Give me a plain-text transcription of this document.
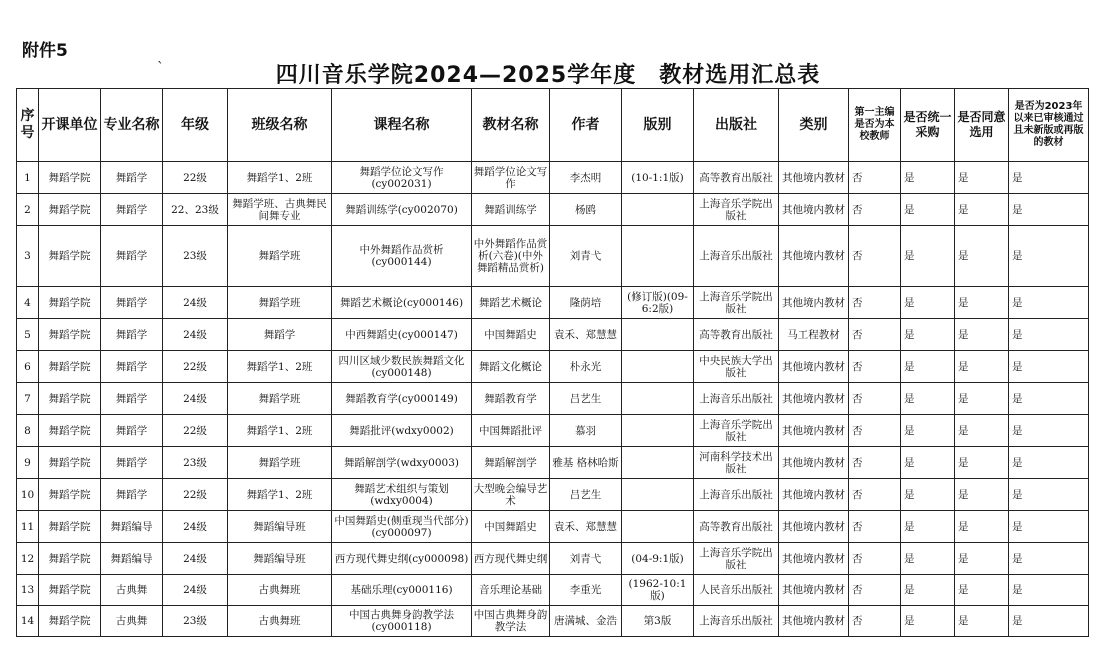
附件5
`	四川音乐学院2024—2025学年度　教材选用汇总表
序号	开课单位	专业名称	年级	班级名称	课程名称	教材名称	作者	版别	出版社	类别	第一主编是否为本校教师	是否统一采购	是否同意选用	是否为2023年以来已审核通过且未新版或再版的教材
1	舞蹈学院	舞蹈学	22级	舞蹈学1、2班	舞蹈学位论文写作(cy002031)	舞蹈学位论文写作	李杰明	(10-1:1版)	高等教育出版社	其他境内教材	否	是	是	是
2	舞蹈学院	舞蹈学	22、23级	舞蹈学班、古典舞民间舞专业	舞蹈训练学(cy002070)	舞蹈训练学	杨鸥		上海音乐学院出版社	其他境内教材	否	是	是	是
3	舞蹈学院	舞蹈学	23级	舞蹈学班	中外舞蹈作品赏析(cy000144)	中外舞蹈作品赏析(六卷)(中外舞蹈精品赏析)	刘青弋		上海音乐出版社	其他境内教材	否	是	是	是
4	舞蹈学院	舞蹈学	24级	舞蹈学班	舞蹈艺术概论(cy000146)	舞蹈艺术概论	隆荫培	(修订版)(09-6:2版)	上海音乐学院出版社	其他境内教材	否	是	是	是
5	舞蹈学院	舞蹈学	24级	舞蹈学	中西舞蹈史(cy000147)	中国舞蹈史	袁禾、郑慧慧		高等教育出版社	马工程教材	否	是	是	是
6	舞蹈学院	舞蹈学	22级	舞蹈学1、2班	四川区域少数民族舞蹈文化(cy000148)	舞蹈文化概论	朴永光		中央民族大学出版社	其他境内教材	否	是	是	是
7	舞蹈学院	舞蹈学	24级	舞蹈学班	舞蹈教育学(cy000149)	舞蹈教育学	吕艺生		上海音乐出版社	其他境内教材	否	是	是	是
8	舞蹈学院	舞蹈学	22级	舞蹈学1、2班	舞蹈批评(wdxy0002)	中国舞蹈批评	慕羽		上海音乐学院出版社	其他境内教材	否	是	是	是
9	舞蹈学院	舞蹈学	23级	舞蹈学班	舞蹈解剖学(wdxy0003)	舞蹈解剖学	雅基 格林哈斯		河南科学技术出版社	其他境内教材	否	是	是	是
10	舞蹈学院	舞蹈学	22级	舞蹈学1、2班	舞蹈艺术组织与策划(wdxy0004)	大型晚会编导艺术	吕艺生		上海音乐出版社	其他境内教材	否	是	是	是
11	舞蹈学院	舞蹈编导	24级	舞蹈编导班	中国舞蹈史(侧重现当代部分)(cy000097)	中国舞蹈史	袁禾、郑慧慧		高等教育出版社	其他境内教材	否	是	是	是
12	舞蹈学院	舞蹈编导	24级	舞蹈编导班	西方现代舞史纲(cy000098)	西方现代舞史纲	刘青弋	(04-9:1版)	上海音乐学院出版社	其他境内教材	否	是	是	是
13	舞蹈学院	古典舞	24级	古典舞班	基础乐理(cy000116)	音乐理论基础	李重光	(1962-10:1版)	人民音乐出版社	其他境内教材	否	是	是	是
14	舞蹈学院	古典舞	23级	古典舞班	中国古典舞身韵教学法(cy000118)	中国古典舞身韵教学法	唐满城、金浩	第3版	上海音乐出版社	其他境内教材	否	是	是	是
